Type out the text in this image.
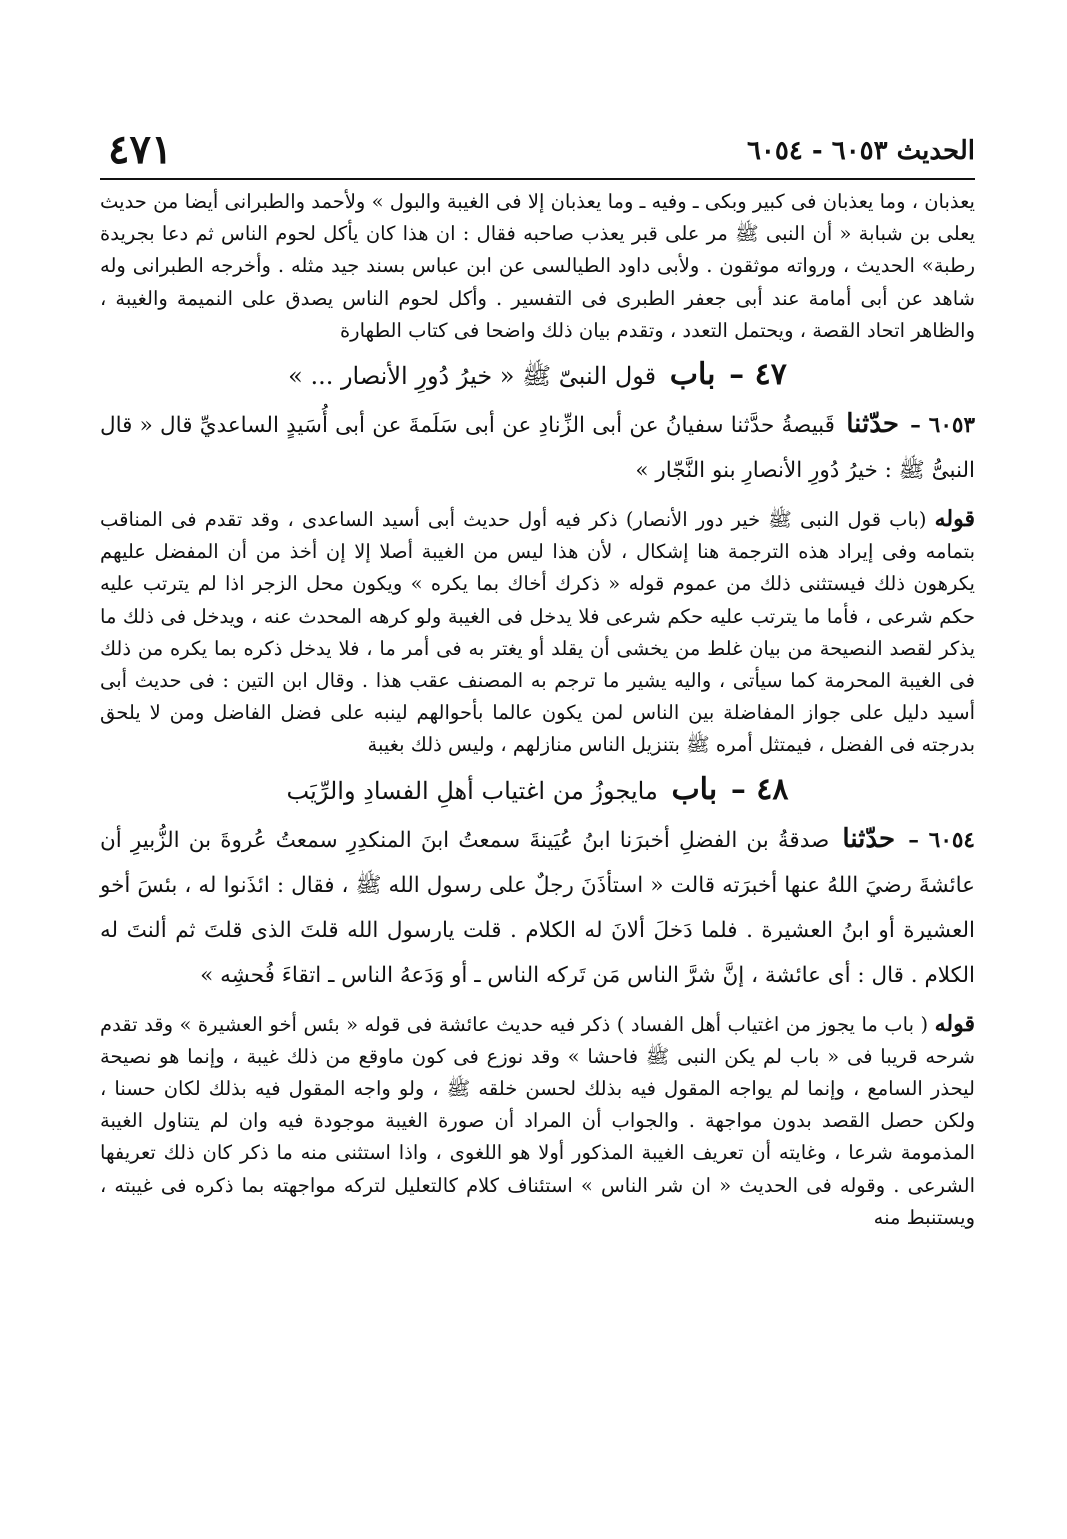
الحديث ٦٠٥٣ - ٦٠٥٤
٤٧١

يعذبان ، وما يعذبان فى كبير وبكى ـ وفيه ـ وما يعذبان إلا فى الغيبة والبول » ولأحمد والطبرانى أيضا من حديث يعلى بن شبابة « أن النبى ﷺ مر على قبر يعذب صاحبه فقال : ان هذا كان يأكل لحوم الناس ثم دعا بجريدة رطبة» الحديث ، ورواته موثقون . ولأبى داود الطيالسى عن ابن عباس بسند جيد مثله . وأخرجه الطبرانى وله شاهد عن أبى أمامة عند أبى جعفر الطبرى فى التفسير . وأكل لحوم الناس يصدق على النميمة والغيبة ، والظاهر اتحاد القصة ، ويحتمل التعدد ، وتقدم بيان ذلك واضحا فى كتاب الطهارة

٤٧ – باب قول النبىّ ﷺ « خيرُ دُورِ الأنصار ... »

٦٠٥٣ – حدّثنا قَبيصةُ حدَّثنا سفيانُ عن أبى الزِّنادِ عن أبى سَلَمةَ عن أبى أُسَيدٍ الساعديِّ قال « قال النبىُّ ﷺ : خيرُ دُورِ الأنصارِ بنو النَّجّار »

قوله (باب قول النبى ﷺ خير دور الأنصار) ذكر فيه أول حديث أبى أسيد الساعدى ، وقد تقدم فى المناقب بتمامه وفى إيراد هذه الترجمة هنا إشكال ، لأن هذا ليس من الغيبة أصلا إلا إن أخذ من أن المفضل عليهم يكرهون ذلك فيستثنى ذلك من عموم قوله « ذكرك أخاك بما يكره » ويكون محل الزجر اذا لم يترتب عليه حكم شرعى ، فأما ما يترتب عليه حكم شرعى فلا يدخل فى الغيبة ولو كرهه المحدث عنه ، ويدخل فى ذلك ما يذكر لقصد النصيحة من بيان غلط من يخشى أن يقلد أو يغتر به فى أمر ما ، فلا يدخل ذكره بما يكره من ذلك فى الغيبة المحرمة كما سيأتى ، واليه يشير ما ترجم به المصنف عقب هذا . وقال ابن التين : فى حديث أبى أسيد دليل على جواز المفاضلة بين الناس لمن يكون عالما بأحوالهم لينبه على فضل الفاضل ومن لا يلحق بدرجته فى الفضل ، فيمتثل أمره ﷺ بتنزيل الناس منازلهم ، وليس ذلك بغيبة

٤٨ – باب مايجوزُ من اغتياب أهلِ الفسادِ والرِّيَب

٦٠٥٤ – حدّثنا صدقةُ بن الفضلِ أخبرَنا ابنُ عُيَينةَ سمعتُ ابنَ المنكدِرِ سمعتُ عُروةَ بن الزُّبيرِ أن عائشةَ رضيَ اللهُ عنها أخبرَته قالت « استأذَنَ رجلٌ على رسول الله ﷺ ، فقال : ائذَنوا له ، بئسَ أخو العشيرة أو ابنُ العشيرة . فلما دَخلَ ألانَ له الكلام . قلت يارسول الله قلتَ الذى قلتَ ثم ألنتَ له الكلام . قال : أى عائشة ، إنَّ شرَّ الناس مَن تَركه الناس ـ أو وَدَعهُ الناس ـ اتقاءَ فُحشِه »

قوله ( باب ما يجوز من اغتياب أهل الفساد ) ذكر فيه حديث عائشة فى قوله « بئس أخو العشيرة » وقد تقدم شرحه قريبا فى « باب لم يكن النبى ﷺ فاحشا » وقد نوزع فى كون ماوقع من ذلك غيبة ، وإنما هو نصيحة ليحذر السامع ، وإنما لم يواجه المقول فيه بذلك لحسن خلقه ﷺ ، ولو واجه المقول فيه بذلك لكان حسنا ، ولكن حصل القصد بدون مواجهة . والجواب أن المراد أن صورة الغيبة موجودة فيه وان لم يتناول الغيبة المذمومة شرعا ، وغايته أن تعريف الغيبة المذكور أولا هو اللغوى ، واذا استثنى منه ما ذكر كان ذلك تعريفها الشرعى . وقوله فى الحديث « ان شر الناس » استئناف كلام كالتعليل لتركه مواجهته بما ذكره فى غيبته ، ويستنبط منه
